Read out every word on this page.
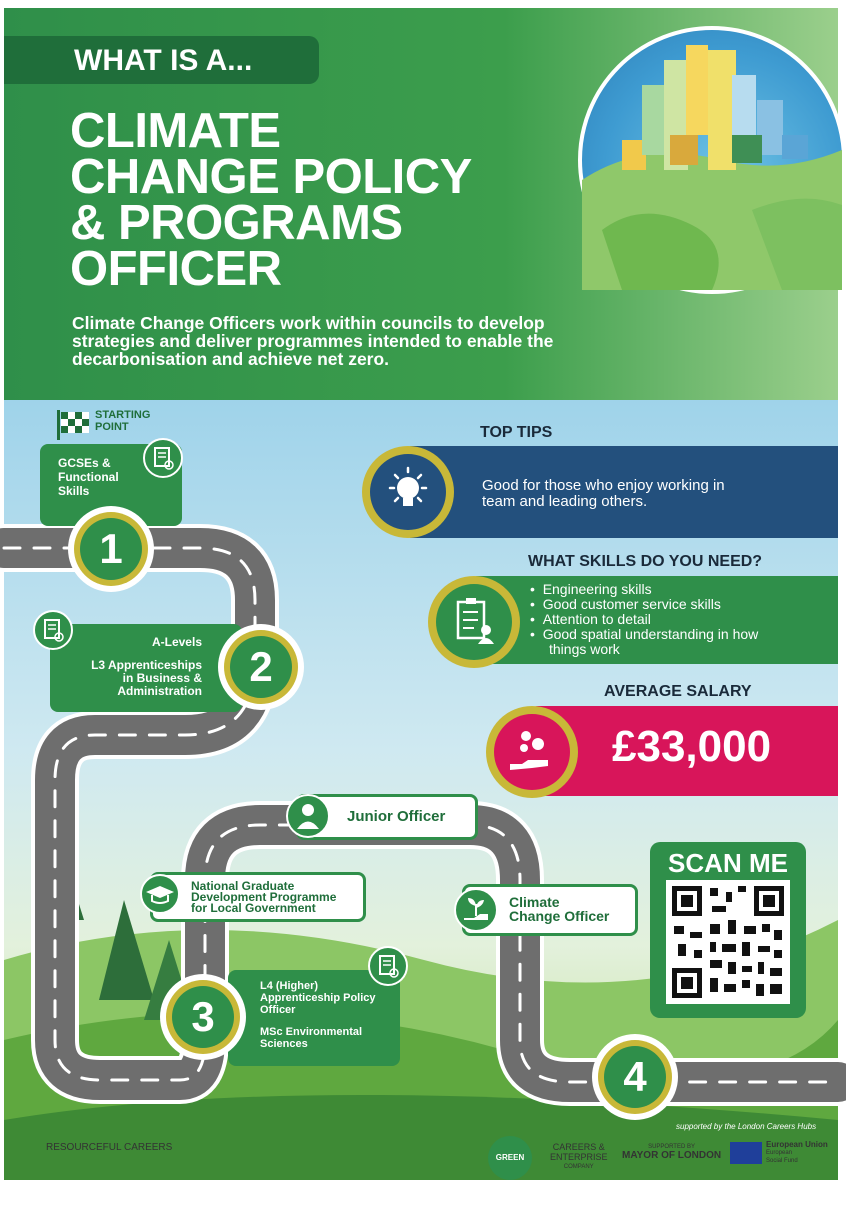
WHAT IS A...
CLIMATE
CHANGE POLICY
& PROGRAMS
OFFICER
Climate Change Officers work within councils to develop strategies and deliver programmes intended to enable the decarbonisation and achieve net zero.
STARTING
POINT
GCSEs &
Functional
Skills
1
A-Levels
L3 Apprenticeships
in Business &
Administration
2
Junior Officer
National Graduate
Development Programme
for Local Government	Climate
Change Officer
L4 (Higher)
Apprenticeship Policy
Officer
MSc Environmental
Sciences
3
4
TOP TIPS
Good for those who enjoy working in
team and leading others.
WHAT SKILLS DO YOU NEED?
•  Engineering skills
•  Good customer service skills
•  Attention to detail
•  Good spatial understanding in how
things work
AVERAGE SALARY
£33,000
SCAN ME
RESOURCEFUL CAREERS
supported by the London Careers Hubs
GREEN SKILLS
CAREERS &
ENTERPRISE
COMPANY
SUPPORTED BY
MAYOR OF LONDON
European Union
European
Social Fund
